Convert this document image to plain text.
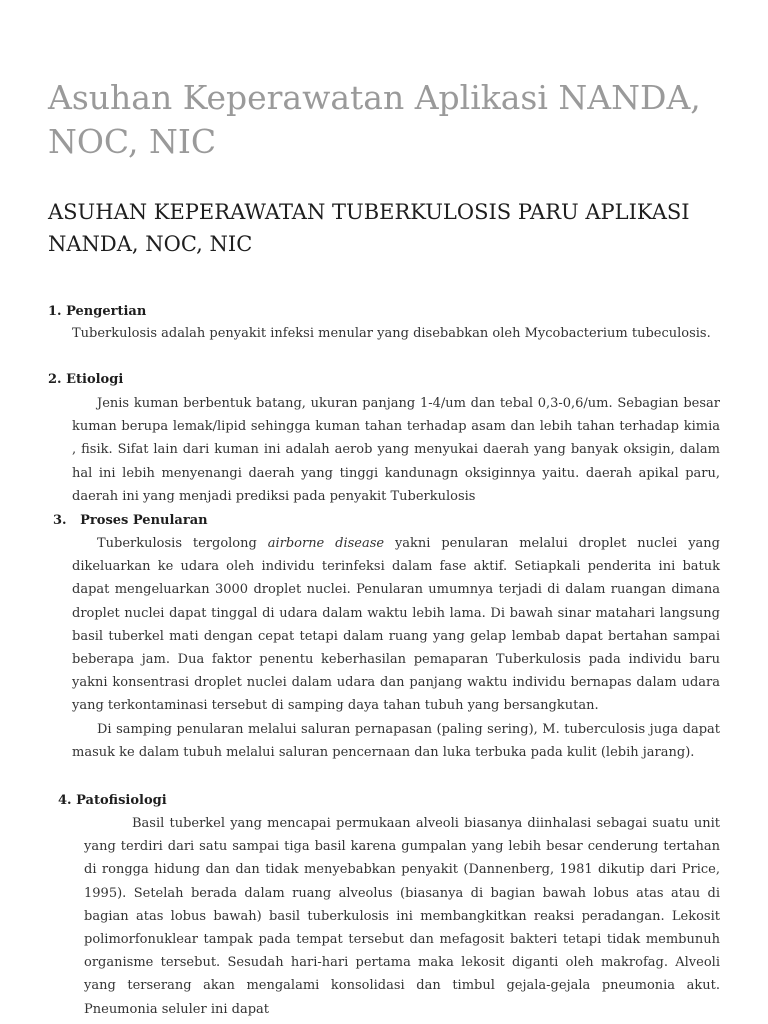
Asuhan Keperawatan Aplikasi NANDA, NOC, NIC
ASUHAN KEPERAWATAN TUBERKULOSIS PARU APLIKASI NANDA, NOC, NIC
1. Pengertian

Tuberkulosis adalah penyakit infeksi menular yang disebabkan oleh Mycobacterium tubeculosis.

2. Etiologi

Jenis kuman berbentuk batang, ukuran panjang 1-4/um dan tebal 0,3-0,6/um. Sebagian besar kuman berupa lemak/lipid sehingga kuman tahan terhadap asam dan lebih tahan terhadap kimia , fisik. Sifat lain dari kuman ini adalah aerob yang menyukai daerah yang banyak oksigin, dalam hal ini lebih menyenangi daerah yang tinggi kandunagn oksiginnya yaitu. daerah apikal paru, daerah ini yang menjadi prediksi pada penyakit Tuberkulosis

3.   Proses Penularan

Tuberkulosis tergolong airborne disease yakni penularan melalui droplet nuclei yang dikeluarkan ke udara oleh individu terinfeksi dalam fase aktif. Setiapkali penderita ini batuk dapat mengeluarkan 3000 droplet nuclei. Penularan umumnya terjadi di dalam ruangan dimana droplet nuclei dapat tinggal di udara dalam waktu lebih lama. Di bawah sinar matahari langsung basil tuberkel mati dengan cepat tetapi dalam ruang yang gelap lembab dapat bertahan sampai beberapa jam. Dua faktor penentu keberhasilan pemaparan Tuberkulosis pada individu baru yakni konsentrasi droplet nuclei dalam udara dan panjang waktu individu bernapas dalam udara yang terkontaminasi tersebut di samping daya tahan tubuh yang bersangkutan.

Di samping penularan melalui saluran pernapasan (paling sering), M. tuberculosis juga dapat masuk ke dalam tubuh melalui saluran pencernaan dan luka terbuka pada kulit (lebih jarang).

4. Patofisiologi

Basil tuberkel yang mencapai permukaan alveoli biasanya diinhalasi sebagai suatu unit yang terdiri dari satu sampai tiga basil karena gumpalan yang lebih besar cenderung tertahan di rongga hidung dan dan tidak menyebabkan penyakit (Dannenberg, 1981 dikutip dari Price, 1995). Setelah berada dalam ruang alveolus (biasanya di bagian bawah lobus atas atau di bagian atas lobus bawah) basil tuberkulosis ini membangkitkan reaksi peradangan. Lekosit polimorfonuklear tampak pada tempat tersebut dan mefagosit bakteri tetapi tidak membunuh organisme tersebut. Sesudah hari-hari pertama maka lekosit diganti oleh makrofag. Alveoli yang terserang akan mengalami konsolidasi dan timbul gejala-gejala pneumonia akut. Pneumonia seluler ini dapat
